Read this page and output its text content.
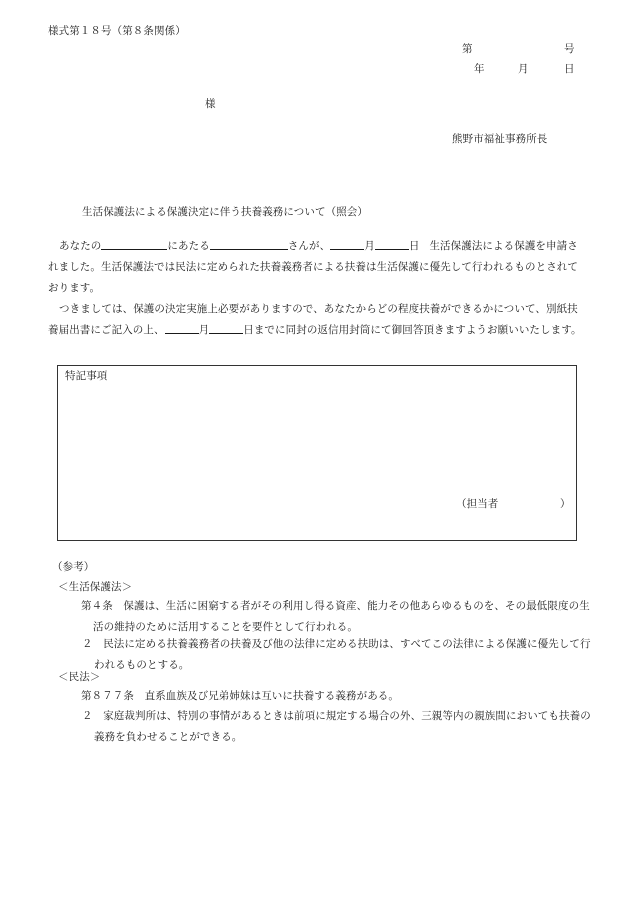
様式第１８号（第８条関係）
第	号
年	月	日
様
熊野市福祉事務所長
生活保護法による保護決定に伴う扶養義務について（照会）
あなたの	にあたる	さんが、	月	日 生活保護法による保護を申請されました。生活保護法では民法に定められた扶養義務者による扶養は生活保護に優先して行われるものとされております。
つきましては、保護の決定実施上必要がありますので、あなたからどの程度扶養ができるかについて、別紙扶養届出書にご記入の上、	月	日までに同封の返信用封筒にて御回答頂きますようお願いいたします。
特記事項
（担当者	）
（参考）
＜生活保護法＞
第４条　保護は、生活に困窮する者がその利用し得る資産、能力その他あらゆるものを、その最低限度の生活の維持のために活用することを要件として行われる。
２　民法に定める扶養義務者の扶養及び他の法律に定める扶助は、すべてこの法律による保護に優先して行われるものとする。
＜民法＞
第８７７条　直系血族及び兄弟姉妹は互いに扶養する義務がある。
２　家庭裁判所は、特別の事情があるときは前項に規定する場合の外、三親等内の親族間においても扶養の義務を負わせることができる。
